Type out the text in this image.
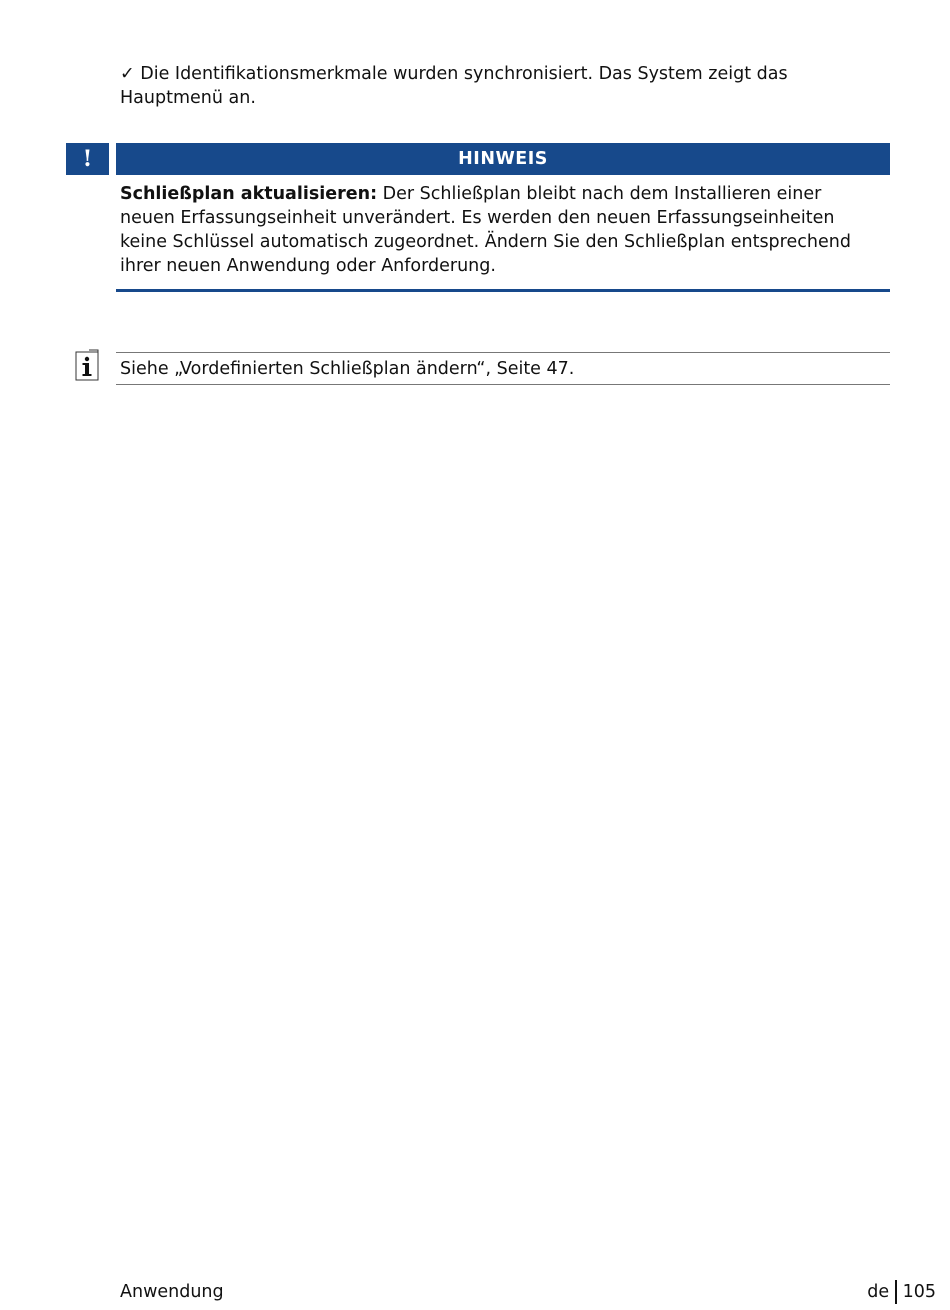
✓ Die Identifikationsmerkmale wurden synchronisiert. Das System zeigt das Hauptmenü an.
!	HINWEIS
Schließplan aktualisieren: Der Schließplan bleibt nach dem Installieren einer neuen Erfassungseinheit unverändert. Es werden den neuen Erfassungseinheiten keine Schlüssel automatisch zugeordnet. Ändern Sie den Schließplan entsprechend ihrer neuen Anwendung oder Anforderung.
Siehe „Vordefinierten Schließplan ändern“, Seite 47.
Anwendung	de 105
